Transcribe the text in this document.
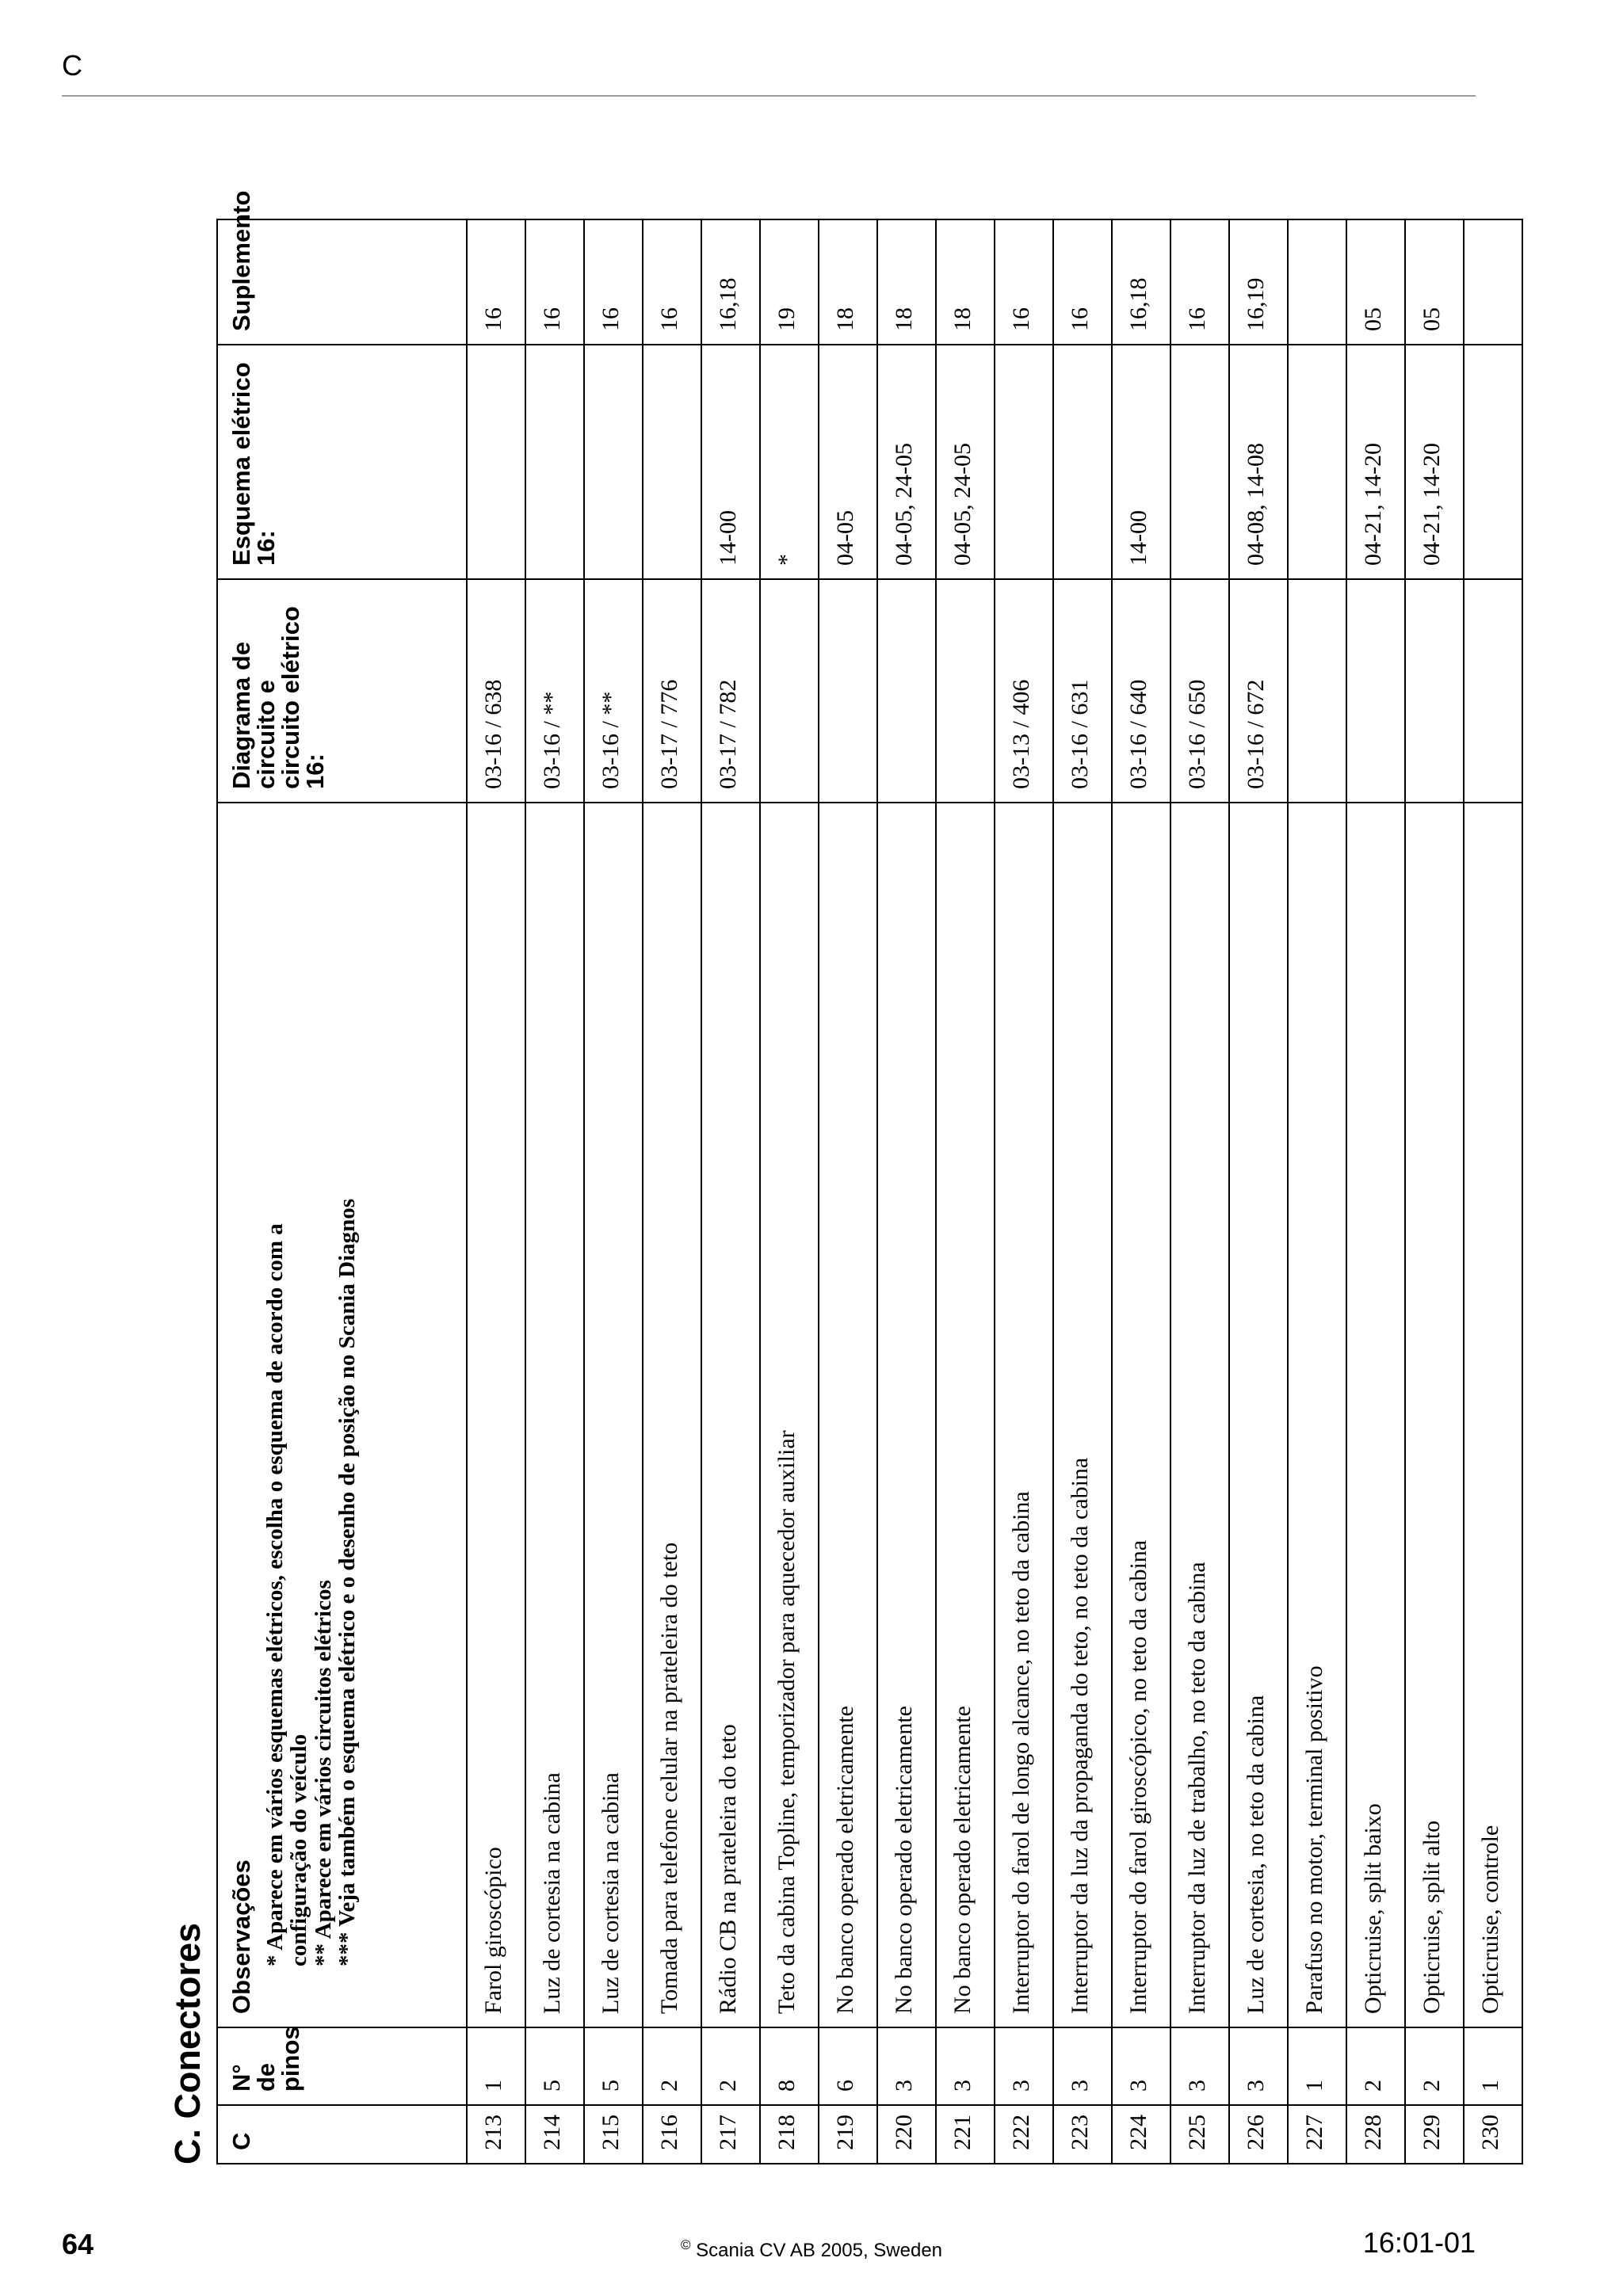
C
C. Conectores C	N° de pinos	Observações * Aparece em vários esquemas elétricos, escolha o esquema de acordo com a
configuração do veículo
** Aparece em vários circuitos elétricos
*** Veja também o esquema elétrico e o desenho de posição no Scania Diagnos	Diagrama de circuito e circuito elétrico 16:	Esquema elétrico 16:	Suplemento
213	1	Farol giroscópico	03-16 / 638		16
214	5	Luz de cortesia na cabina	03-16 / **		16
215	5	Luz de cortesia na cabina	03-16 / **		16
216	2	Tomada para telefone celular na prateleira do teto	03-17 / 776		16
217	2	Rádio CB na prateleira do teto	03-17 / 782	14-00	16,18
218	8	Teto da cabina Topline, temporizador para aquecedor auxiliar		*	19
219	6	No banco operado eletricamente		04-05	18
220	3	No banco operado eletricamente		04-05, 24-05	18
221	3	No banco operado eletricamente		04-05, 24-05	18
222	3	Interruptor do farol de longo alcance, no teto da cabina	03-13 / 406		16
223	3	Interruptor da luz da propaganda do teto, no teto da cabina	03-16 / 631		16
224	3	Interruptor do farol giroscópico, no teto da cabina	03-16 / 640	14-00	16,18
225	3	Interruptor da luz de trabalho, no teto da cabina	03-16 / 650		16
226	3	Luz de cortesia, no teto da cabina	03-16 / 672	04-08, 14-08	16,19
227	1	Parafuso no motor, terminal positivo			
228	2	Opticruise, split baixo		04-21, 14-20	05
229	2	Opticruise, split alto		04-21, 14-20	05
230	1	Opticruise, controle			
64	© Scania CV AB 2005, Sweden	16:01-01
